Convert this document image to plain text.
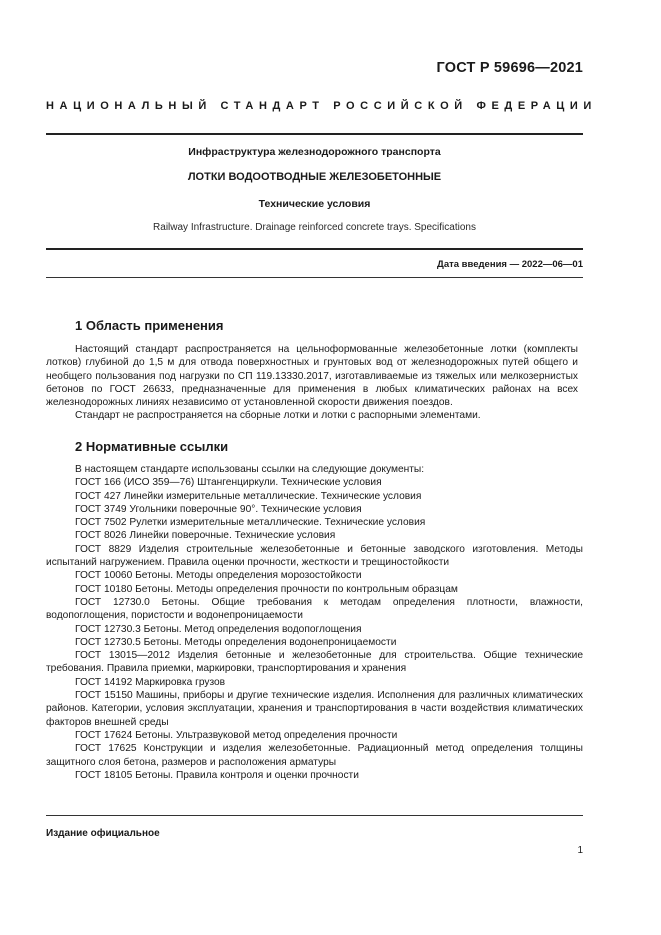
ГОСТ Р 59696—2021
НАЦИОНАЛЬНЫЙ СТАНДАРТ РОССИЙСКОЙ ФЕДЕРАЦИИ
Инфраструктура железнодорожного транспорта
ЛОТКИ ВОДООТВОДНЫЕ ЖЕЛЕЗОБЕТОННЫЕ
Технические условия
Railway Infrastructure. Drainage reinforced concrete trays. Specifications
Дата введения — 2022—06—01
1 Область применения
Настоящий стандарт распространяется на цельноформованные железобетонные лотки (комплекты лотков) глубиной до 1,5 м для отвода поверхностных и грунтовых вод от железнодорожных путей общего и необщего пользования под нагрузки по СП 119.13330.2017, изготавливаемые из тяжелых или мелкозернистых бетонов по ГОСТ 26633, предназначенные для применения в любых климатических районах на всех железнодорожных линиях независимо от установленной скорости движения поездов.
Стандарт не распространяется на сборные лотки и лотки с распорными элементами.
2 Нормативные ссылки

В настоящем стандарте использованы ссылки на следующие документы:

ГОСТ 166 (ИСО 359—76) Штангенциркули. Технические условия

ГОСТ 427 Линейки измерительные металлические. Технические условия

ГОСТ 3749 Угольники поверочные 90°. Технические условия

ГОСТ 7502 Рулетки измерительные металлические. Технические условия

ГОСТ 8026 Линейки поверочные. Технические условия

ГОСТ 8829 Изделия строительные железобетонные и бетонные заводского изготовления. Методы испытаний нагружением. Правила оценки прочности, жесткости и трещиностойкости

ГОСТ 10060 Бетоны. Методы определения морозостойкости

ГОСТ 10180 Бетоны. Методы определения прочности по контрольным образцам

ГОСТ 12730.0 Бетоны. Общие требования к методам определения плотности, влажности, водопоглощения, пористости и водонепроницаемости

ГОСТ 12730.3 Бетоны. Метод определения водопоглощения

ГОСТ 12730.5 Бетоны. Методы определения водонепроницаемости

ГОСТ 13015—2012 Изделия бетонные и железобетонные для строительства. Общие технические требования. Правила приемки, маркировки, транспортирования и хранения

ГОСТ 14192 Маркировка грузов

ГОСТ 15150 Машины, приборы и другие технические изделия. Исполнения для различных климатических районов. Категории, условия эксплуатации, хранения и транспортирования в части воздействия климатических факторов внешней среды

ГОСТ 17624 Бетоны. Ультразвуковой метод определения прочности

ГОСТ 17625 Конструкции и изделия железобетонные. Радиационный метод определения толщины защитного слоя бетона, размеров и расположения арматуры

ГОСТ 18105 Бетоны. Правила контроля и оценки прочности

Издание официальное
1
